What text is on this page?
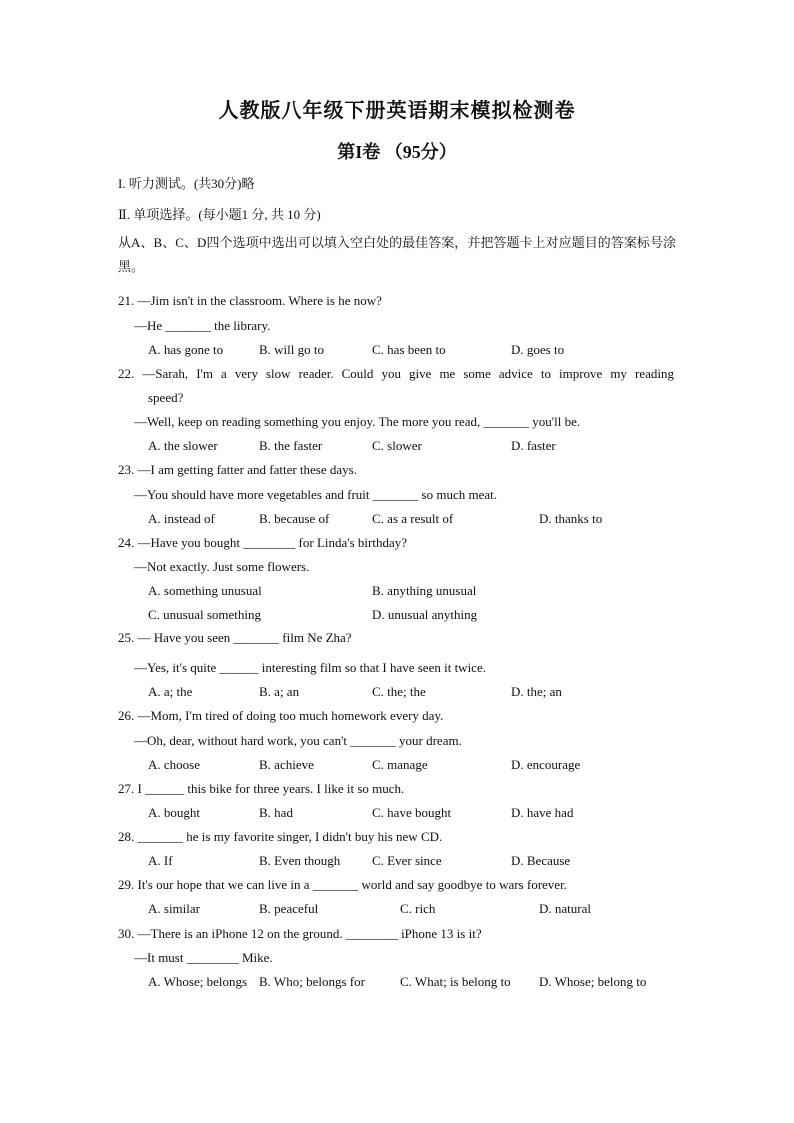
人教版八年级下册英语期末模拟检测卷
第I卷 （95分）
I. 听力测试。(共30分)略
Ⅱ. 单项选择。(每小题1 分, 共 10 分)
从A、B、C、D四个选项中选出可以填入空白处的最佳答案，并把答题卡上对应题目的答案标号涂黑。
21. —Jim isn't in the classroom. Where is he now?
—He _______ the library.
A. has gone to	B. will go to	C. has been to	D. goes to
22. —Sarah, I'm a very slow reader. Could you give me some advice to improve my reading
speed?
—Well, keep on reading something you enjoy. The more you read, _______ you'll be.
A. the slower	B. the faster	C. slower	D. faster
23. —I am getting fatter and fatter these days.
—You should have more vegetables and fruit _______ so much meat.
A. instead of	B. because of	C. as a result of	D. thanks to
24. —Have you bought ________ for Linda's birthday?
—Not exactly. Just some flowers.
A. something unusual	B. anything unusual
C. unusual something	D. unusual anything
25. — Have you seen _______ film Ne Zha?
—Yes, it's quite ______ interesting film so that I have seen it twice.
A. a; the	B. a; an	C. the; the	D. the; an
26. —Mom, I'm tired of doing too much homework every day.
—Oh, dear, without hard work, you can't _______ your dream.
A. choose	B. achieve	C. manage	D. encourage
27. I ______ this bike for three years. I like it so much.
A. bought	B. had	C. have bought	D. have had
28. _______ he is my favorite singer, I didn't buy his new CD.
A. If	B. Even though C. Ever since	D. Because
29. It's our hope that we can live in a _______ world and say goodbye to wars forever.
A. similar	B. peaceful	C. rich	D. natural
30. —There is an iPhone 12 on the ground. ________ iPhone 13 is it?
—It must ________ Mike.
A. Whose; belongs B. Who; belongs for	C. What; is belong to D. Whose; belong to
